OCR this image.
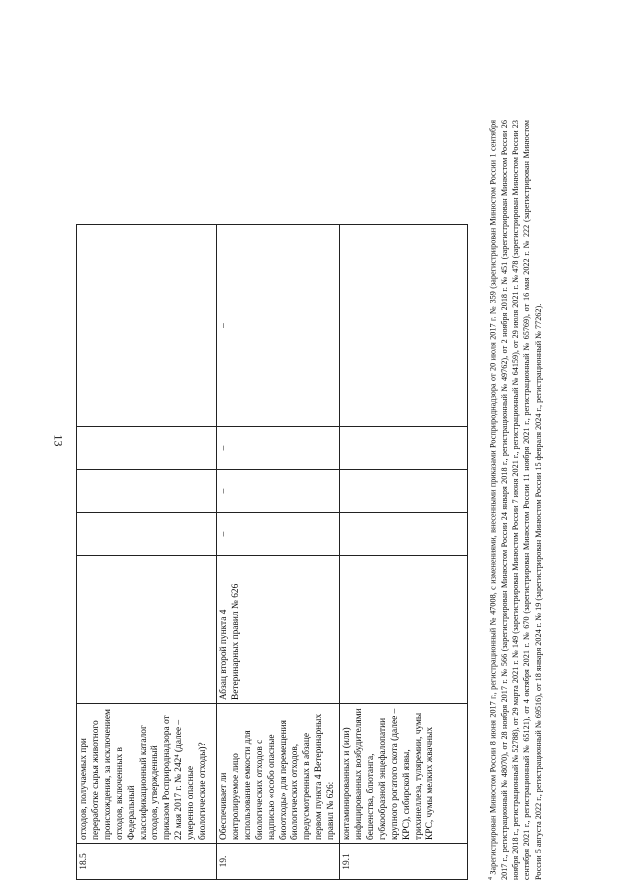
13
18.5	отходов, получаемых при переработке сырья животного происхождения, за исключением отходов, включенных в Федеральный классификационный каталог отходов, утвержденный приказом Росприроднадзора от 22 мая 2017 г. № 242⁴ (далее – умеренно опасные биологические отходы)?					
19.	Обеспечивает ли контролируемое лицо использование емкости для биологических отходов с надписью «особо опасные биоотходы» для перемещения биологических отходов, предусмотренных в абзаце первом пункта 4 Ветеринарных правил № 626:	Абзац второй пункта 4 Ветеринарных правил № 626	–	–	–	–
19.1	контаминированных и (или) инфицированных возбудителями бешенства, блютанга, губкообразной энцефалопатии крупного рогатого скота (далее – КРС), сибирской язвы, трихинеллеза, туляремии, чумы КРС, чумы мелких жвачных					
$^4$ Зарегистрирован Минюстом России 8 июня 2017 г., регистрационный № 47008, с изменениями, внесенными приказами Росприроднадзора от 20 июля 2017 г. № 359 (зарегистрирован Минюстом России 1 сентября 2017 г., регистрационный № 48070), от 28 ноября 2017 г. № 566 (зарегистрирован Минюстом России 24 января 2018 г., регистрационный № 49762), от 2 ноября 2018 г. № 451 (зарегистрирован Минюстом России 26 ноября 2018 г., регистрационный № 52788), от 29 марта 2021 г. № 149 (зарегистрирован Минюстом России 7 июня 2021 г., регистрационный № 64159), от 29 июля 2021 г. № 478 (зарегистрирован Минюстом России 23 сентября 2021 г., регистрационный № 65121), от 4 октября 2021 г. № 670 (зарегистрирован Минюстом России 11 ноября 2021 г., регистрационный № 65769), от 16 мая 2022 г. № 222 (зарегистрирован Минюстом России 5 августа 2022 г., регистрационный № 69516), от 18 января 2024 г. № 19 (зарегистрирован Минюстом России 15 февраля 2024 г., регистрационный № 77262).
